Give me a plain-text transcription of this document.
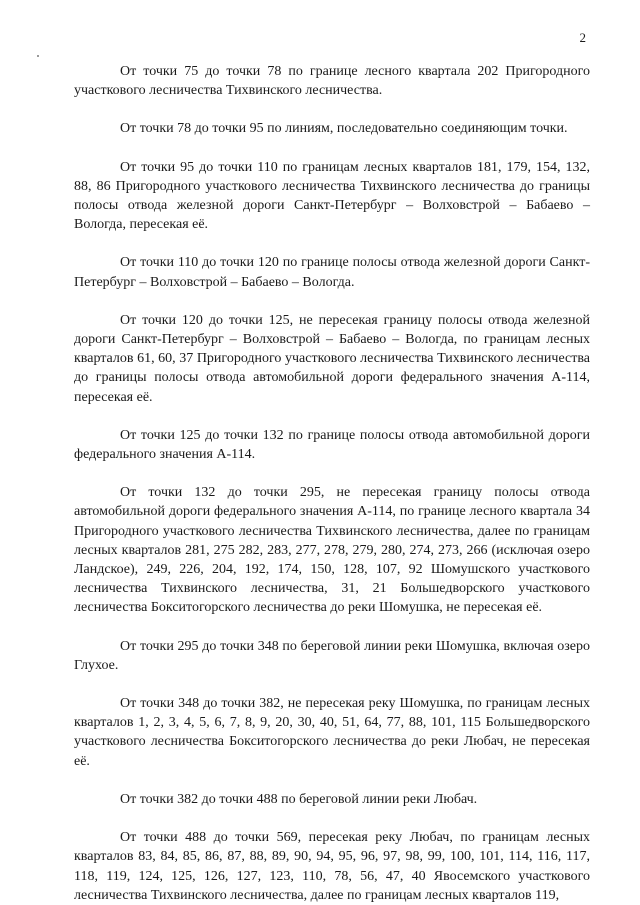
2

От точки 75 до точки 78 по границе лесного квартала 202 Пригородного участкового лесничества Тихвинского лесничества.

От точки 78 до точки 95 по линиям, последовательно соединяющим точки.

От точки 95 до точки 110 по границам лесных кварталов 181, 179, 154, 132, 88, 86 Пригородного участкового лесничества Тихвинского лесничества до границы полосы отвода железной дороги Санкт-Петербург – Волховстрой – Бабаево – Вологда, пересекая её.

От точки 110 до точки 120 по границе полосы отвода железной дороги Санкт-Петербург – Волховстрой – Бабаево – Вологда.

От точки 120 до точки 125, не пересекая границу полосы отвода железной дороги Санкт-Петербург – Волховстрой – Бабаево – Вологда, по границам лесных кварталов 61, 60, 37 Пригородного участкового лесничества Тихвинского лесничества до границы полосы отвода автомобильной дороги федерального значения А-114, пересекая её.

От точки 125 до точки 132 по границе полосы отвода автомобильной дороги федерального значения А-114.

От точки 132 до точки 295, не пересекая границу полосы отвода автомобильной дороги федерального значения А-114, по границе лесного квартала 34 Пригородного участкового лесничества Тихвинского лесничества, далее по границам лесных кварталов 281, 275 282, 283, 277, 278, 279, 280, 274, 273, 266 (исключая озеро Ландское), 249, 226, 204, 192, 174, 150, 128, 107, 92 Шомушского участкового лесничества Тихвинского лесничества, 31, 21 Большедворского участкового лесничества Бокситогорского лесничества до реки Шомушка, не пересекая её.

От точки 295 до точки 348 по береговой линии реки Шомушка, включая озеро Глухое.

От точки 348 до точки 382, не пересекая реку Шомушка, по границам лесных кварталов 1, 2, 3, 4, 5, 6, 7, 8, 9, 20, 30, 40, 51, 64, 77, 88, 101, 115 Большедворского участкового лесничества Бокситогорского лесничества до реки Любач, не пересекая её.

От точки 382 до точки 488 по береговой линии реки Любач.

От точки 488 до точки 569, пересекая реку Любач, по границам лесных кварталов 83, 84, 85, 86, 87, 88, 89, 90, 94, 95, 96, 97, 98, 99, 100, 101, 114, 116, 117, 118, 119, 124, 125, 126, 127, 123, 110, 78, 56, 47, 40 Явосемского участкового лесничества Тихвинского лесничества, далее по границам лесных кварталов 119,
